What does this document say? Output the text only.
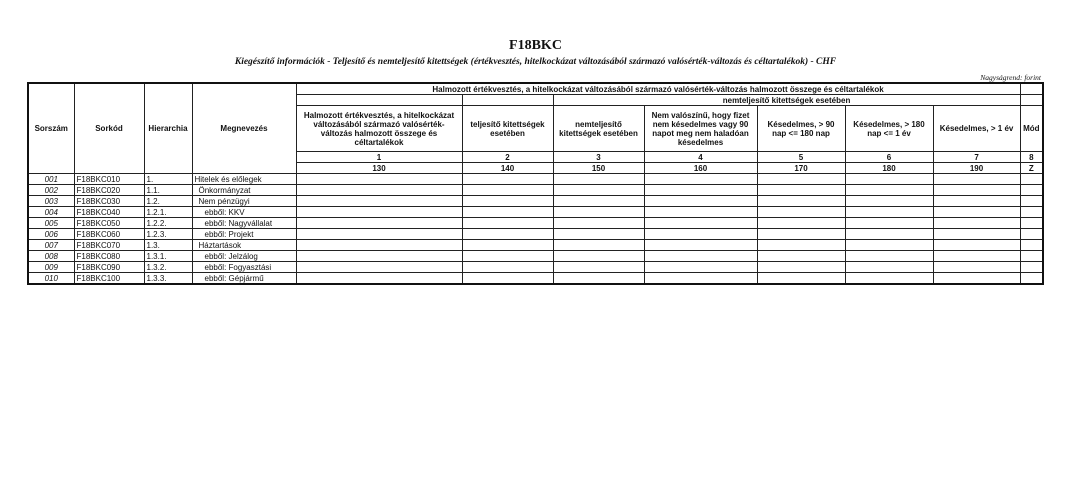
F18BKC
Kiegészítő információk - Teljesítő és nemteljesítő kitettségek (értékvesztés, hitelkockázat változásából származó valósérték-változás és céltartalékok) - CHF
Nagyságrend: forint
Sorszám	Sorkód	Hierarchia	Megnevezés	Halmozott értékvesztés, a hitelkockázat változásából származó valósérték-változás halmozott összege és céltartalékok							
						nemteljesítő kitettségek esetében					
				Halmozott értékvesztés, a hitelkockázat változásából származó valósérték-változás halmozott összege és céltartalékok	teljesítő kitettségek esetében	nemteljesítő kitettségek esetében	Nem valószínű, hogy fizet nem késedelmes vagy 90 napot meg nem haladóan késedelmes	Késedelmes, > 90 nap <= 180 nap	Késedelmes, > 180 nap <= 1 év	Késedelmes, > 1 év	Mód
				1	2	3	4	5	6	7	8
				130	140	150	160	170	180	190	Z
001	F18BKC010	1.	Hitelek és előlegek								
002	F18BKC020	1.1.	Önkormányzat								
003	F18BKC030	1.2.	Nem pénzügyi								
004	F18BKC040	1.2.1.	ebből: KKV								
005	F18BKC050	1.2.2.	ebből: Nagyvállalat								
006	F18BKC060	1.2.3.	ebből: Projekt								
007	F18BKC070	1.3.	Háztartások								
008	F18BKC080	1.3.1.	ebből: Jelzálog								
009	F18BKC090	1.3.2.	ebből: Fogyasztási								
010	F18BKC100	1.3.3.	ebből: Gépjármű								
